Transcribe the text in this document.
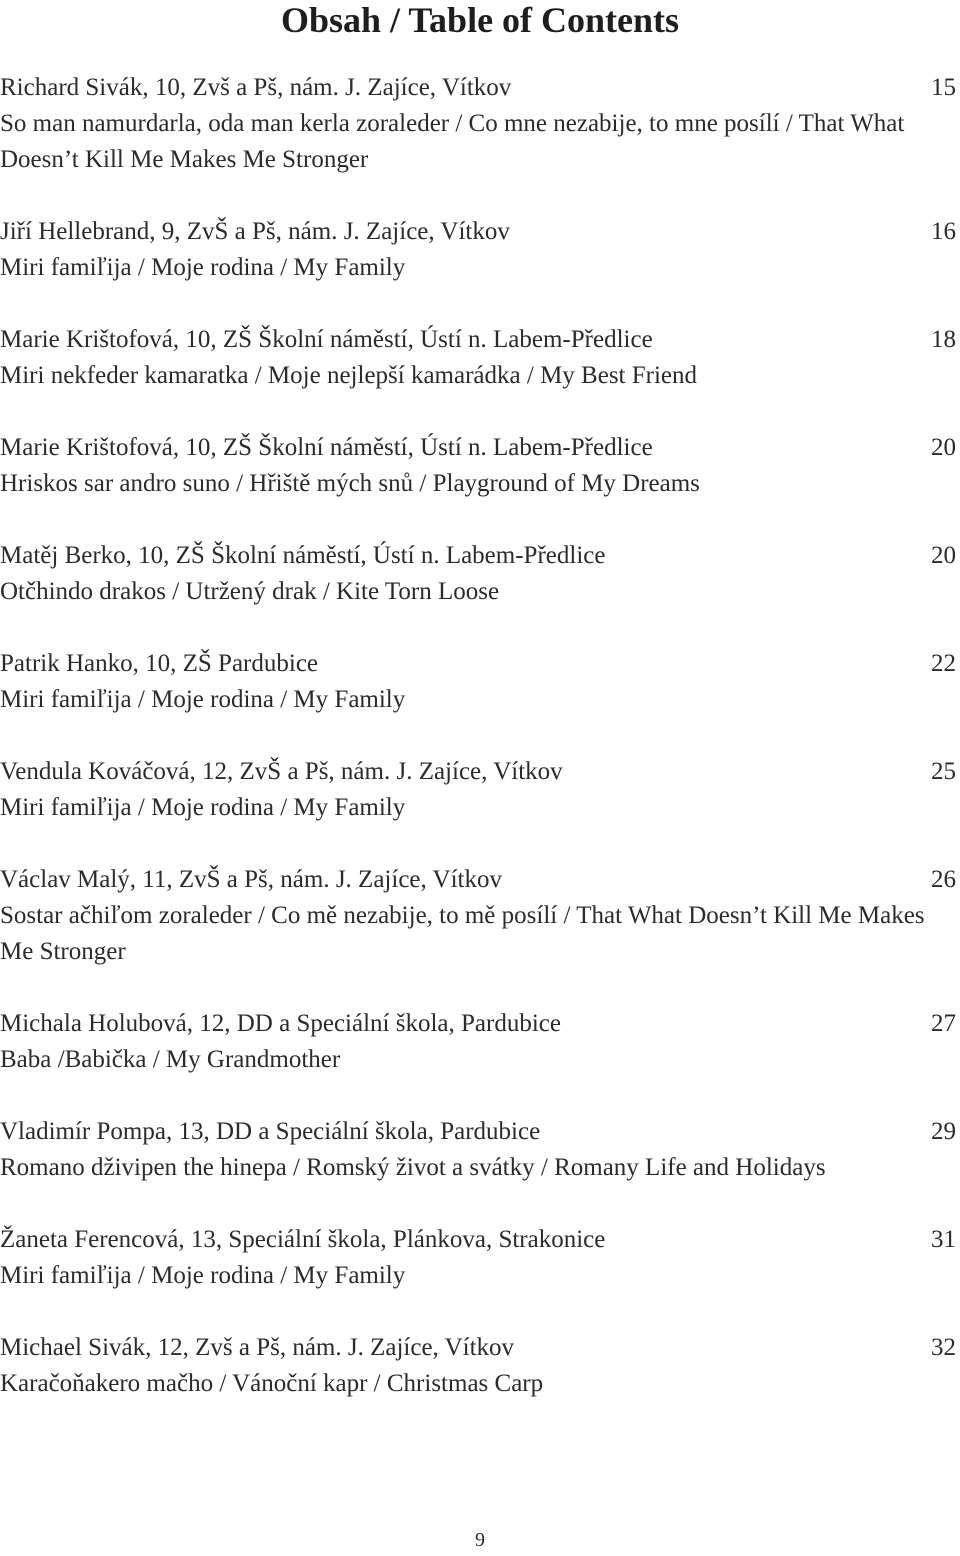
Obsah / Table of Contents
Richard Sivák, 10, Zvš a Pš, nám. J. Zajíce, Vítkov	15
So man namurdarla, oda man kerla zoraleder / Co mne nezabije, to mne posílí / That What Doesn’t Kill Me Makes Me Stronger
Jiří Hellebrand, 9, ZvŠ a Pš, nám. J. Zajíce, Vítkov	16
Miri famiľija / Moje rodina / My Family
Marie Krištofová, 10, ZŠ Školní náměstí, Ústí n. Labem-Předlice	18
Miri nekfeder kamaratka / Moje nejlepší kamarádka / My Best Friend
Marie Krištofová, 10, ZŠ Školní náměstí, Ústí n. Labem-Předlice	20
Hriskos sar andro suno / Hřiště mých snů / Playground of My Dreams
Matěj Berko, 10, ZŠ Školní náměstí, Ústí n. Labem-Předlice	20
Otčhindo drakos / Utržený drak / Kite Torn Loose
Patrik Hanko, 10, ZŠ Pardubice	22
Miri famiľija / Moje rodina / My Family
Vendula Kováčová, 12, ZvŠ a Pš, nám. J. Zajíce, Vítkov	25
Miri famiľija / Moje rodina / My Family
Václav Malý, 11, ZvŠ a Pš, nám. J. Zajíce, Vítkov	26
Sostar ačhiľom zoraleder / Co mě nezabije, to mě posílí / That What Doesn’t Kill Me Makes Me Stronger
Michala Holubová, 12, DD a Speciální škola, Pardubice	27
Baba /Babička / My Grandmother
Vladimír Pompa, 13, DD a Speciální škola, Pardubice	29
Romano dživipen the hinepa / Romský život a svátky / Romany Life and Holidays
Žaneta Ferencová, 13, Speciální škola, Plánkova, Strakonice	31
Miri famiľija / Moje rodina / My Family
Michael Sivák, 12, Zvš a Pš, nám. J. Zajíce, Vítkov	32
Karačoňakero mačho / Vánoční kapr / Christmas Carp
9
